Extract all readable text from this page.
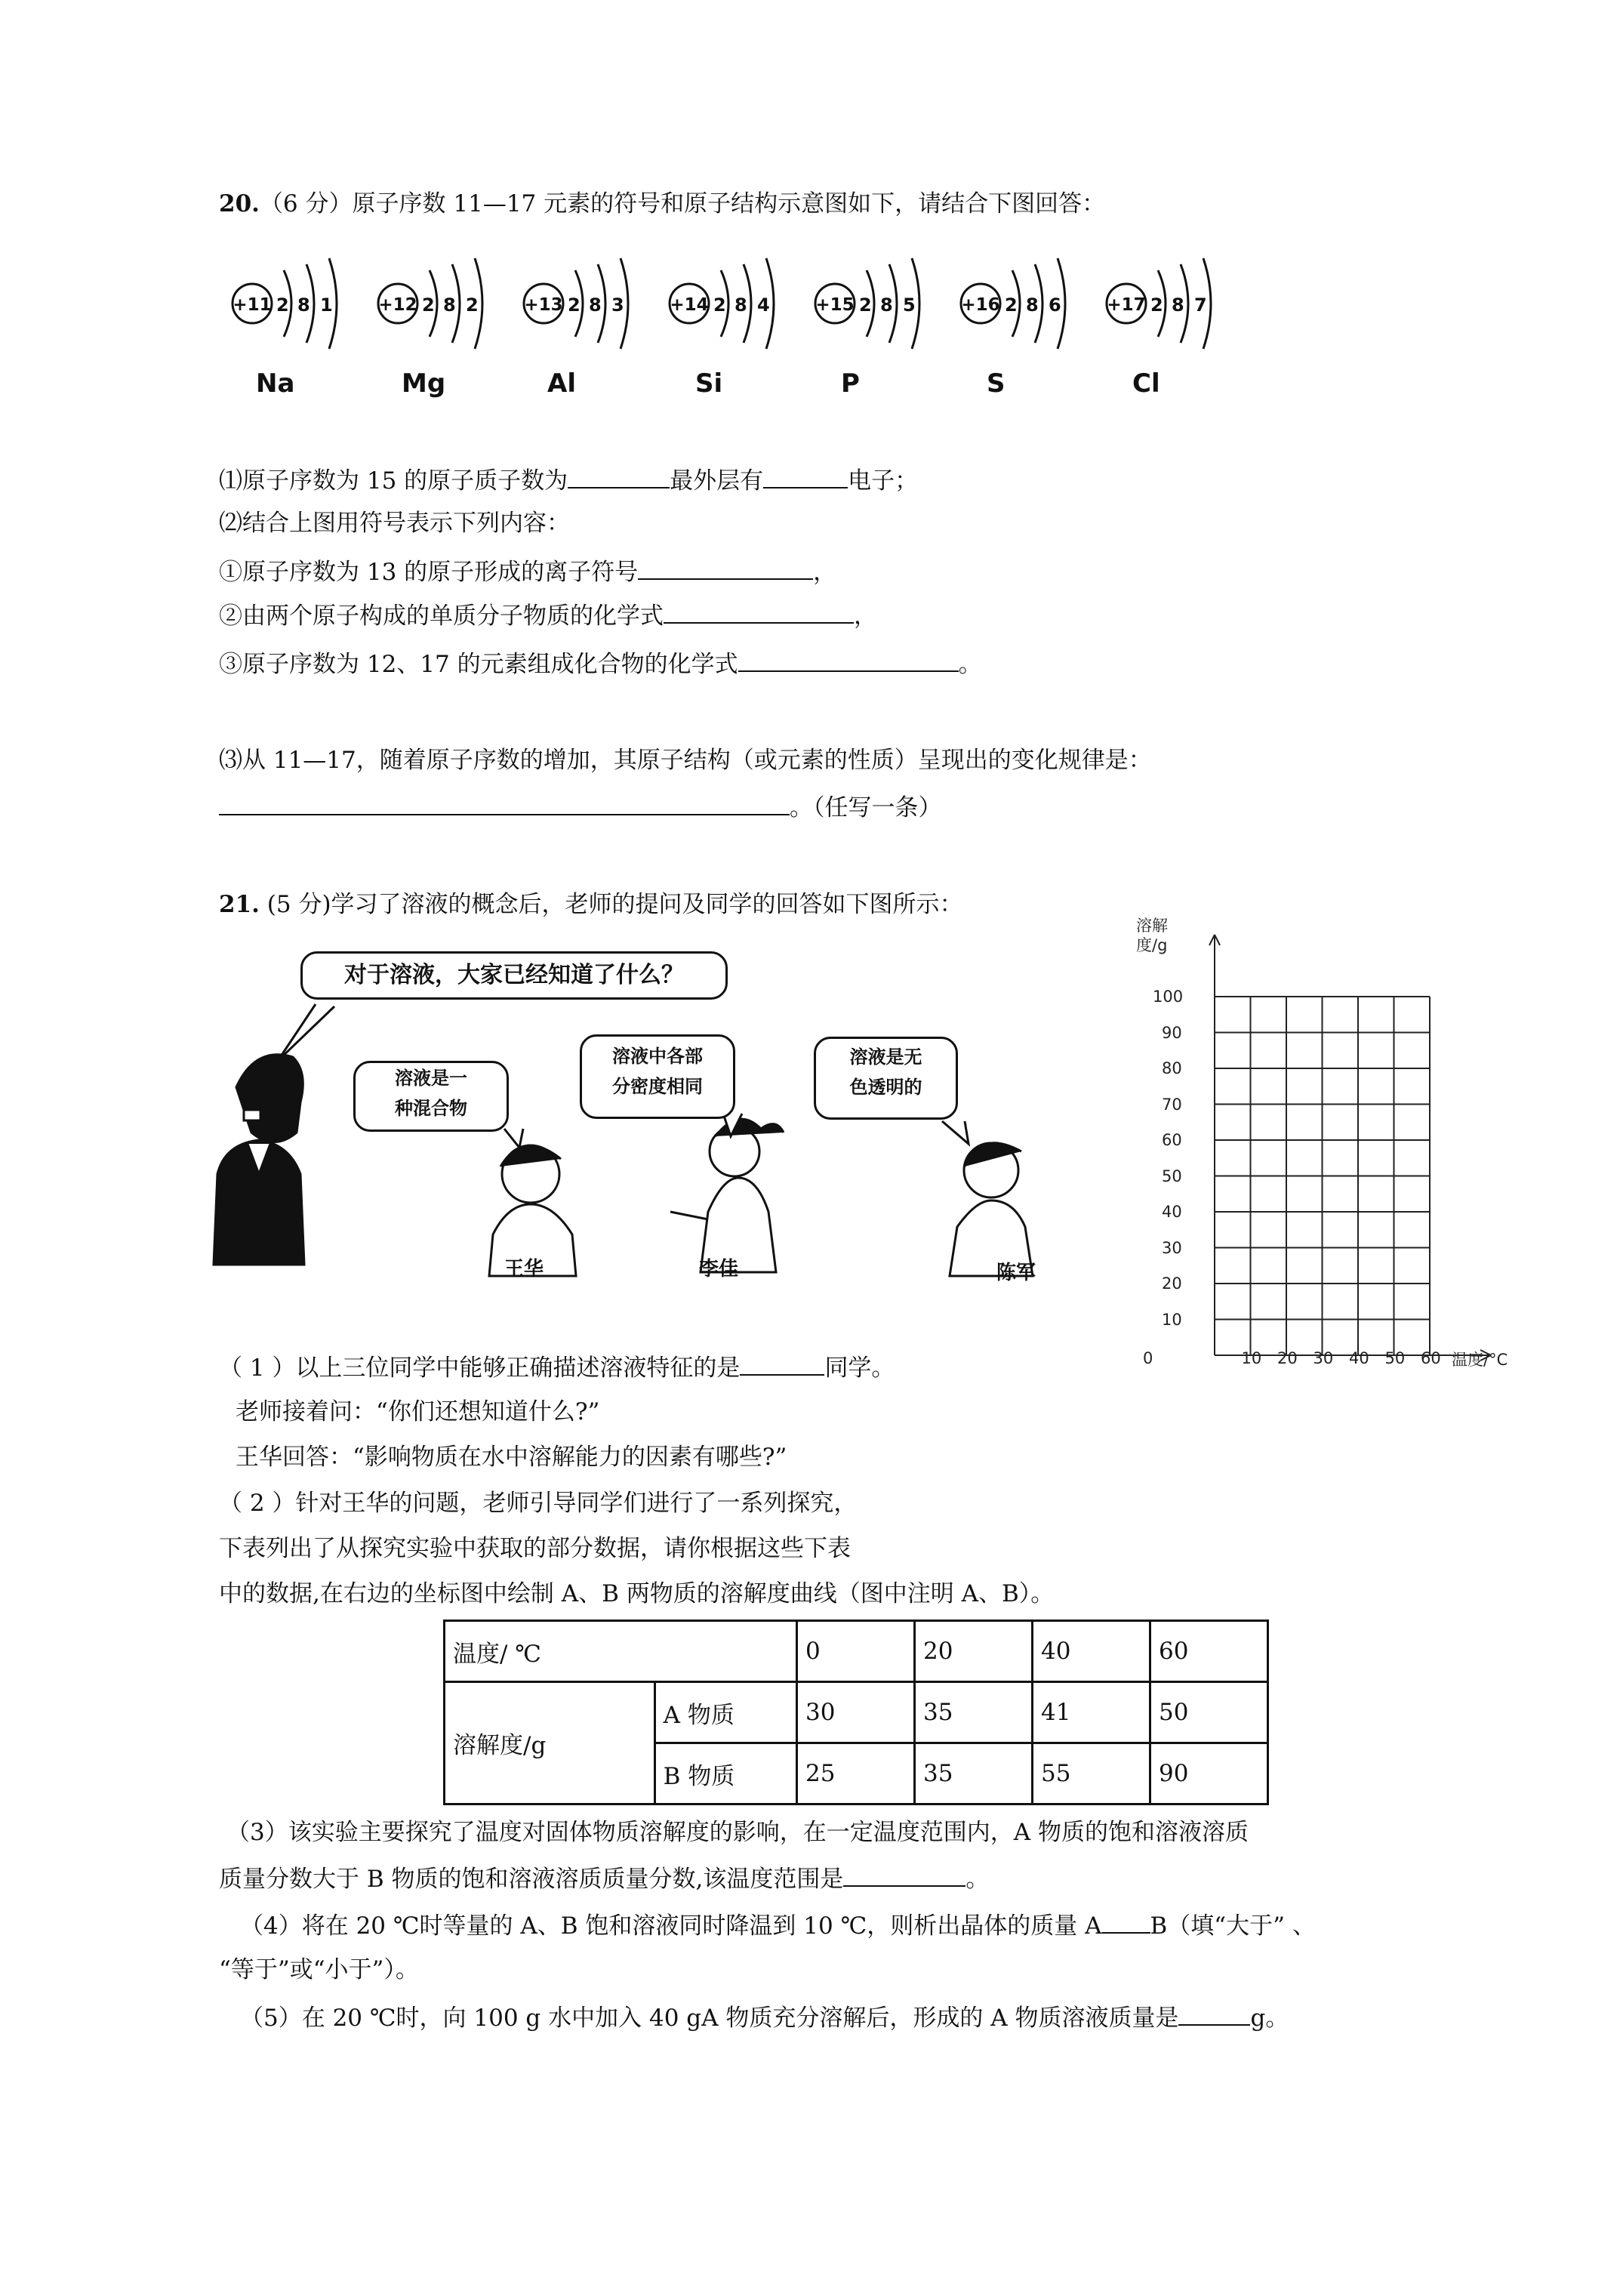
20.（6 分）原子序数 11—17 元素的符号和原子结构示意图如下，请结合下图回答：
+11 2 8 1	+12 2 8 2	+13 2 8 3	+14 2 8 4	+15 2 8 5	+16 2 8 6	+17 2 8 7
Na	Mg	Al	Si	P	S	Cl
⑴原子序数为 15 的原子质子数为	最外层有	电子；
⑵结合上图用符号表示下列内容：
①原子序数为 13 的原子形成的离子符号	，
②由两个原子构成的单质分子物质的化学式	，
③原子序数为 12、17 的元素组成化合物的化学式	。
⑶从 11—17，随着原子序数的增加，其原子结构（或元素的性质）呈现出的变化规律是：
。（任写一条）
21. (5 分)学习了溶液的概念后，老师的提问及同学的回答如下图所示：
对于溶液，大家已经知道了什么？
溶液是一
种混合物
溶液中各部
分密度相同
溶液是无
色透明的
老师
王华	李佳	陈军
溶解
度/g
100
90
80
70
60
50
40
30
20
10
10 20 30 40 50 60
0	温度/°C
（ 1 ）以上三位同学中能够正确描述溶液特征的是	同学。
老师接着问：“你们还想知道什么?”
王华回答：“影响物质在水中溶解能力的因素有哪些?”
（ 2 ）针对王华的问题，老师引导同学们进行了一系列探究，
下表列出了从探究实验中获取的部分数据，请你根据这些下表
中的数据,在右边的坐标图中绘制 A、B 两物质的溶解度曲线（图中注明 A、B）。
温度/ ℃		0	20	40	60
溶解度/g	A 物质	30	35	41	50
	B 物质	25	35	55	90
（3）该实验主要探究了温度对固体物质溶解度的影响，在一定温度范围内，A 物质的饱和溶液溶质
质量分数大于 B 物质的饱和溶液溶质质量分数,该温度范围是	。
（4）将在 20 ℃时等量的 A、B 饱和溶液同时降温到 10 ℃，则析出晶体的质量 A B（填“大于” 、
“等于”或“小于”）。
（5）在 20 ℃时，向 100 g 水中加入 40 gA 物质充分溶解后，形成的 A 物质溶液质量是	g。
